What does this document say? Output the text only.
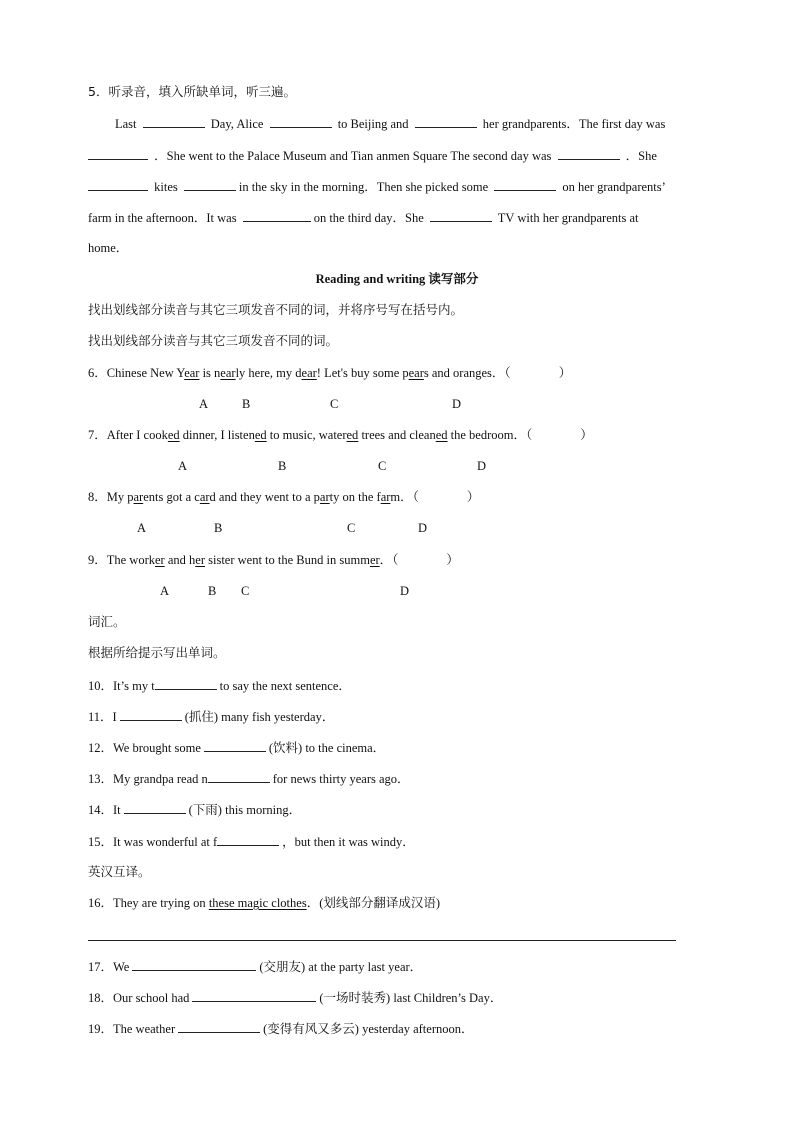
5．听录音，填入所缺单词，听三遍。
Last	Day, Alice	to Beijing and	her grandparents．The first day was
．She went to the Palace Museum and Tian anmen Square The second day was	．She
kites	in the sky in the morning．Then she picked some	on her grandparents’
farm in the afternoon．It was	on the third day．She	TV with her grandparents at
home．
Reading and writing 读写部分
找出划线部分读音与其它三项发音不同的词，并将序号写在括号内。
找出划线部分读音与其它三项发音不同的词。
6．Chinese New Year is nearly here, my dear! Let's buy some pears and oranges．（	）
A	B	C	D
7．After I cooked dinner, I listened to music, watered trees and cleaned the bedroom．（	）
A	B	C	D
8．My parents got a card and they went to a party on the farm．（	）
A	B	C	D
9．The worker and her sister went to the Bund in summer．（	）
A	B C	D
词汇。
根据所给提示写出单词。
10．It’s my t	to say the next sentence．
11．I	(抓住) many fish yesterday．
12．We brought some	(饮料) to the cinema．
13．My grandpa read n	for news thirty years ago．
14．It	(下雨) this morning．
15．It was wonderful at f	，but then it was windy．
英汉互译。
16．They are trying on these magic clothes．(划线部分翻译成汉语)
17．We	(交朋友) at the party last year．
18．Our school had	(一场时装秀) last Children’s Day．
19．The weather	(变得有风又多云) yesterday afternoon．
